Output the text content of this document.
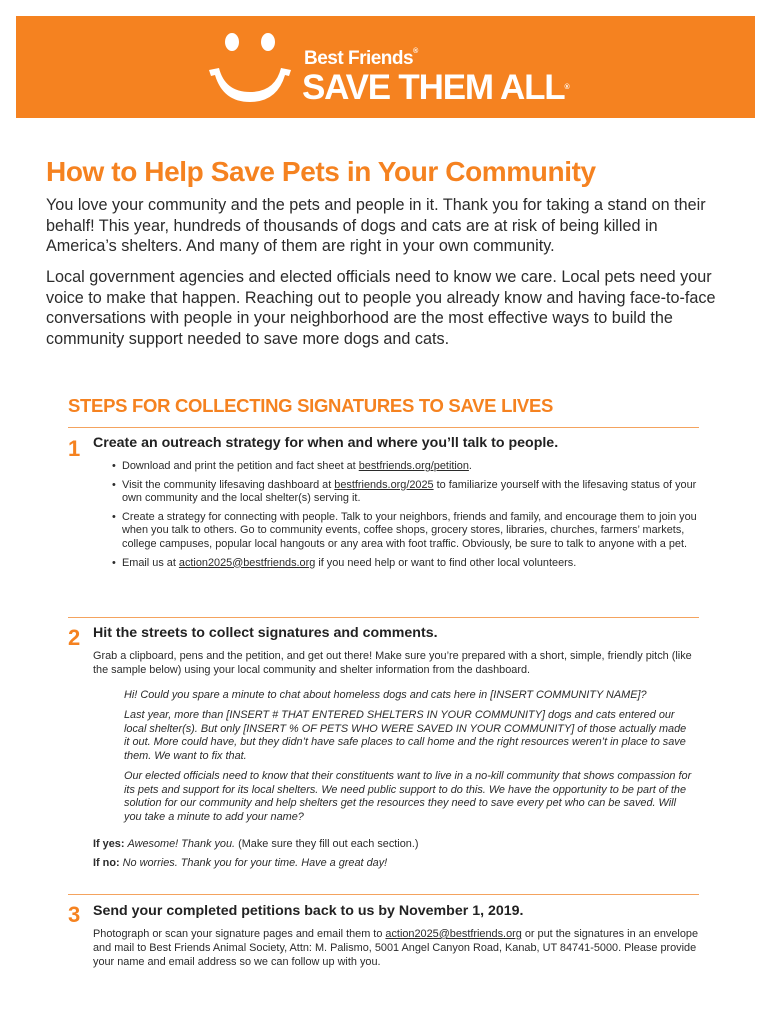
Best Friends®
SAVE THEM ALL®
How to Help Save Pets in Your Community

You love your community and the pets and people in it. Thank you for taking a stand on their behalf! This year, hundreds of thousands of dogs and cats are at risk of being killed in America’s shelters. And many of them are right in your own community.

Local government agencies and elected officials need to know we care. Local pets need your voice to make that happen. Reaching out to people you already know and having face-to-face conversations with people in your neighborhood are the most effective ways to build the community support needed to save more dogs and cats.

STEPS FOR COLLECTING SIGNATURES TO SAVE LIVES
1 Create an outreach strategy for when and where you’ll talk to people.
• Download and print the petition and fact sheet at bestfriends.org/petition.
• Visit the community lifesaving dashboard at bestfriends.org/2025 to familiarize yourself with the lifesaving status of your own community and the local shelter(s) serving it.
• Create a strategy for connecting with people. Talk to your neighbors, friends and family, and encourage them to join you when you talk to others. Go to community events, coffee shops, grocery stores, libraries, churches, farmers’ markets, college campuses, popular local hangouts or any area with foot traffic. Obviously, be sure to talk to anyone with a pet.
• Email us at action2025@bestfriends.org if you need help or want to find other local volunteers.
2 Hit the streets to collect signatures and comments.

Grab a clipboard, pens and the petition, and get out there! Make sure you’re prepared with a short, simple, friendly pitch (like the sample below) using your local community and shelter information from the dashboard.

Hi! Could you spare a minute to chat about homeless dogs and cats here in [INSERT COMMUNITY NAME]?

Last year, more than [INSERT # THAT ENTERED SHELTERS IN YOUR COMMUNITY] dogs and cats entered our local shelter(s). But only [INSERT % OF PETS WHO WERE SAVED IN YOUR COMMUNITY] of those actually made it out. More could have, but they didn’t have safe places to call home and the right resources weren’t in place to save them. We want to fix that.

Our elected officials need to know that their constituents want to live in a no-kill community that shows compassion for its pets and support for its local shelters. We need public support to do this. We have the opportunity to be part of the solution for our community and help shelters get the resources they need to save every pet who can be saved. Will you take a minute to add your name?

If yes: Awesome! Thank you. (Make sure they fill out each section.)

If no: No worries. Thank you for your time. Have a great day!

3 Send your completed petitions back to us by November 1, 2019.

Photograph or scan your signature pages and email them to action2025@bestfriends.org or put the signatures in an envelope and mail to Best Friends Animal Society, Attn: M. Palismo, 5001 Angel Canyon Road, Kanab, UT 84741-5000. Please provide your name and email address so we can follow up with you.
